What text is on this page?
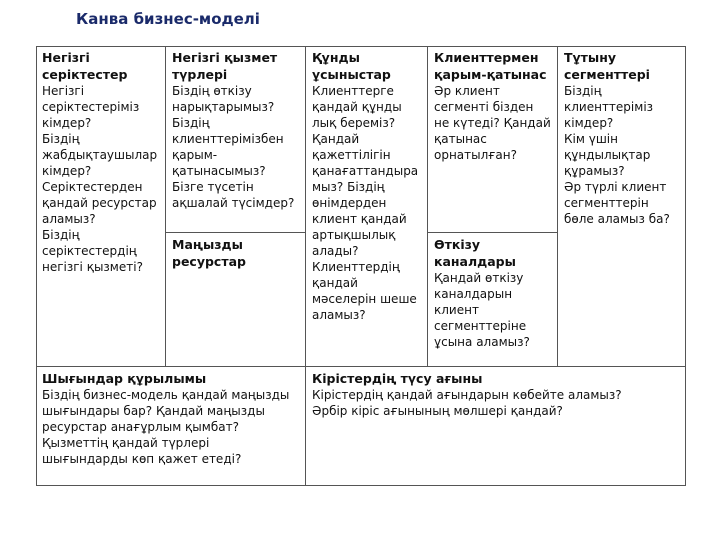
Канва бизнес-моделі
Негізгі
серіктестер
Негізгі
серіктестеріміз
кімдер?
Біздің
жабдықтаушылар
кімдер?
Серіктестерден
қандай ресурстар
аламыз?
Біздің
серіктестердің
негізгі қызметі?
Негізгі қызмет
түрлері
Біздің өткізу
нарықтарымыз?
Біздің
клиенттерімізбен
қарым-
қатынасымыз?
Бізге түсетін
ақшалай түсімдер?
Маңызды
ресурстар
Құнды
ұсыныстар
Клиенттерге
қандай құнды
лық береміз?
Қандай
қажеттілігін
қанағаттандыра
мыз? Біздің
өнімдерден
клиент қандай
артықшылық
алады?
Клиенттердің
қандай
мәселерін шеше
аламыз?
Клиенттермен
қарым-қатынас
Әр клиент
сегменті бізден
не күтеді? Қандай
қатынас
орнатылған?
Өткізу
каналдары
Қандай өткізу
каналдарын
клиент
сегменттеріне
ұсына аламыз?
Тұтыну
сегменттері
Біздің
клиенттеріміз
кімдер?
Кім үшін
құндылықтар
құрамыз?
Әр түрлі клиент
сегменттерін
бөле аламыз ба?
Шығындар құрылымы
Біздің бизнес-модель қандай маңызды
шығындары бар? Қандай маңызды
ресурстар анағұрлым қымбат?
Қызметтің қандай түрлері
шығындарды көп қажет етеді?
Кірістердің түсу ағыны
Кірістердің қандай ағындарын көбейте аламыз?
Әрбір кіріс ағынының мөлшері қандай?
